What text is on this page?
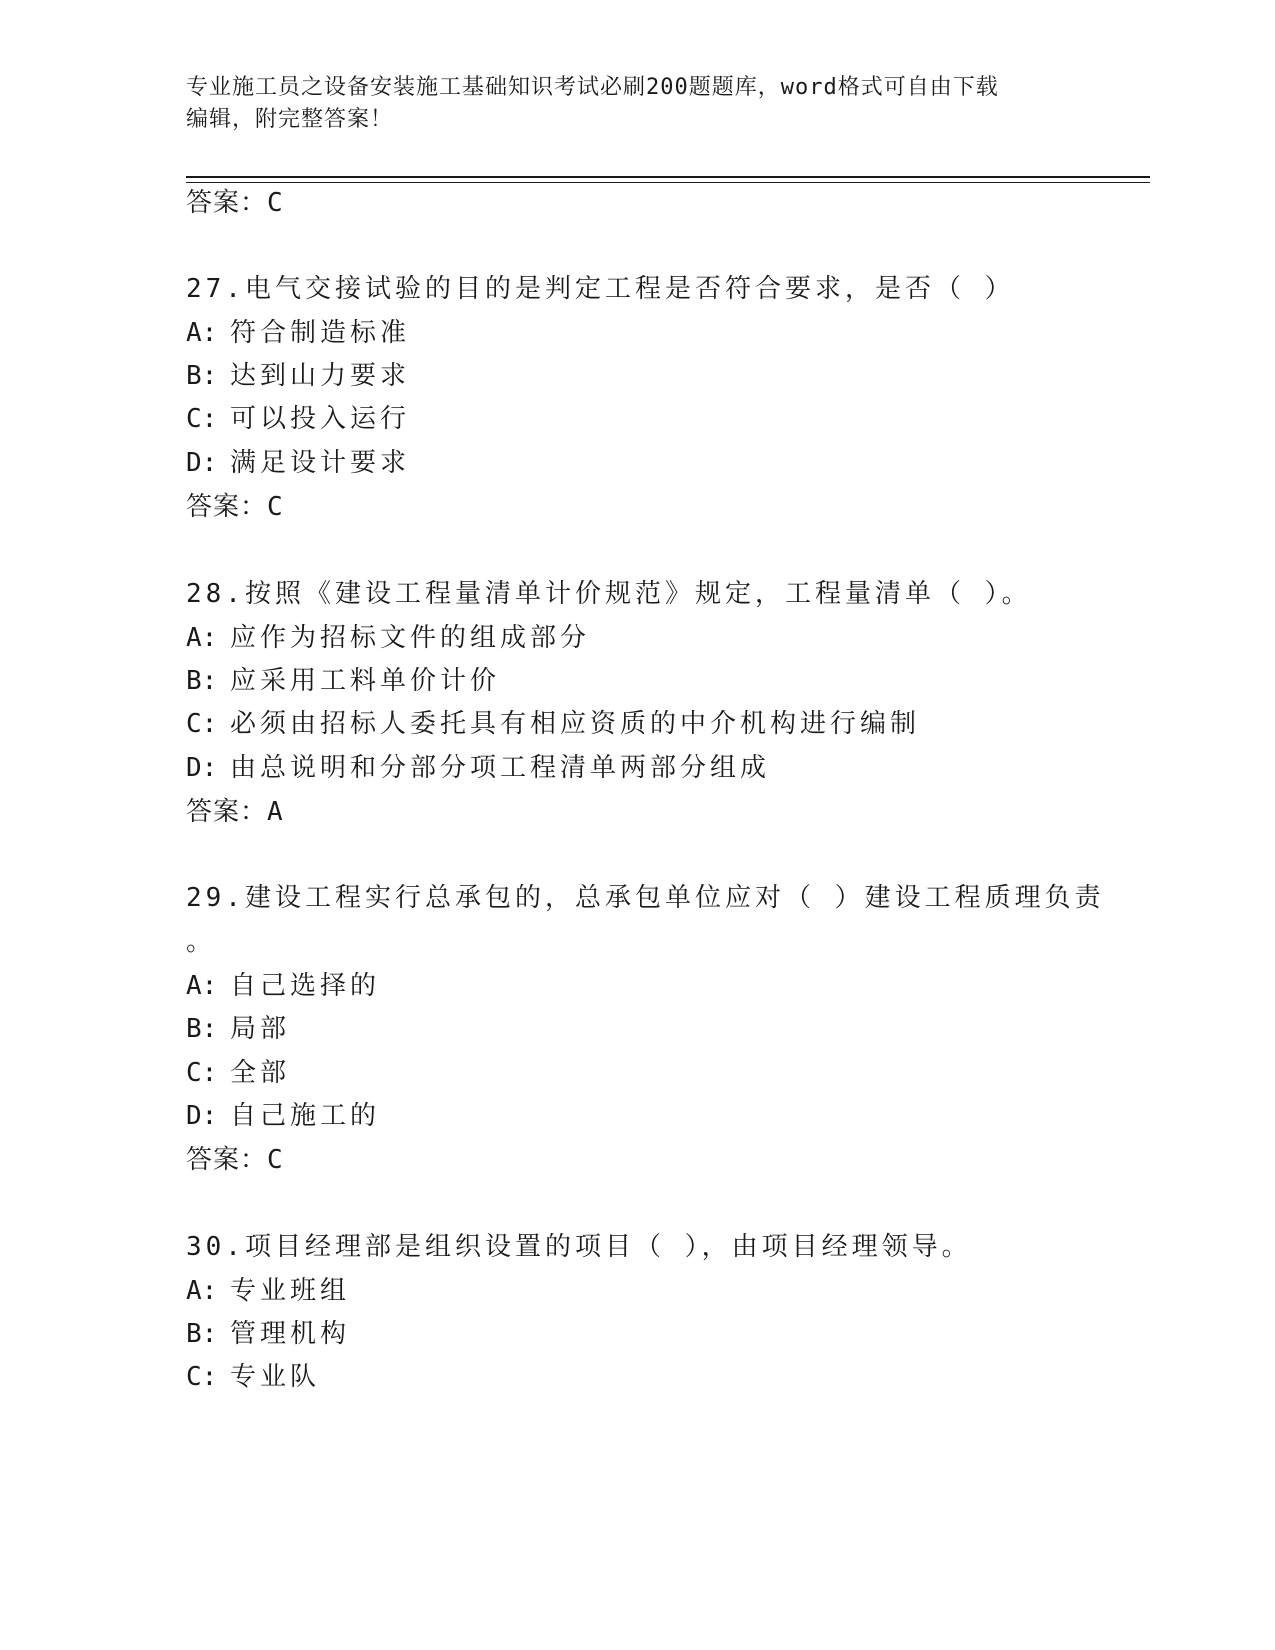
专业施工员之设备安装施工基础知识考试必刷200题题库，word格式可自由下载
编辑，附完整答案！
答案：C
27.电气交接试验的目的是判定工程是否符合要求，是否（ ）
A: 符合制造标准
B: 达到山力要求
C: 可以投入运行
D: 满足设计要求
答案：C
28.按照《建设工程量清单计价规范》规定，工程量清单（ ）。
A: 应作为招标文件的组成部分
B: 应采用工料单价计价
C: 必须由招标人委托具有相应资质的中介机构进行编制
D: 由总说明和分部分项工程清单两部分组成
答案：A
29.建设工程实行总承包的，总承包单位应对（ ）建设工程质理负责
。
A: 自己选择的
B: 局部
C: 全部
D: 自己施工的
答案：C
30.项目经理部是组织设置的项目（ ），由项目经理领导。
A: 专业班组
B: 管理机构
C: 专业队
